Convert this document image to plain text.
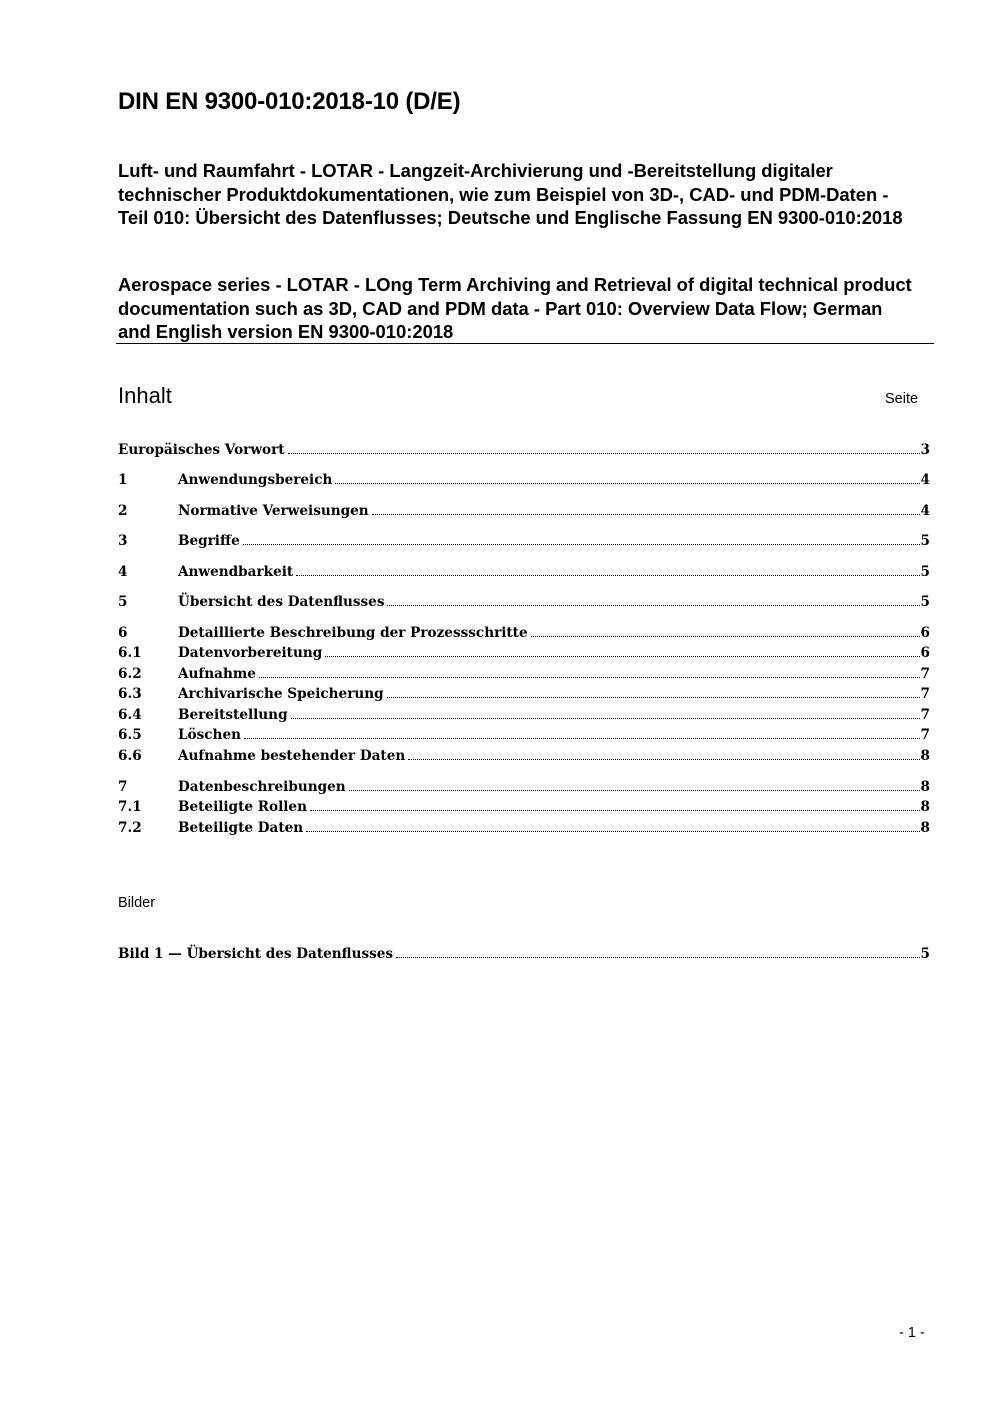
DIN EN 9300-010:2018-10 (D/E)
Luft- und Raumfahrt - LOTAR - Langzeit-Archivierung und -Bereitstellung digitaler technischer Produktdokumentationen, wie zum Beispiel von 3D-, CAD- und PDM-Daten - Teil 010: Übersicht des Datenflusses; Deutsche und Englische Fassung EN 9300-010:2018
Aerospace series - LOTAR - LOng Term Archiving and Retrieval of digital technical product documentation such as 3D, CAD and PDM data - Part 010: Overview Data Flow; German and English version EN 9300-010:2018
Inhalt	Seite
Europäisches Vorwort	3
1	Anwendungsbereich	4
2	Normative Verweisungen	4
3	Begriffe	5
4	Anwendbarkeit	5
5	Übersicht des Datenflusses	5
6	Detaillierte Beschreibung der Prozessschritte	6
6.1	Datenvorbereitung	6
6.2	Aufnahme	7
6.3	Archivarische Speicherung	7
6.4	Bereitstellung	7
6.5	Löschen	7
6.6	Aufnahme bestehender Daten	8
7	Datenbeschreibungen	8
7.1	Beteiligte Rollen	8
7.2	Beteiligte Daten	8
Bilder
Bild 1 — Übersicht des Datenflusses	5
- 1 -
